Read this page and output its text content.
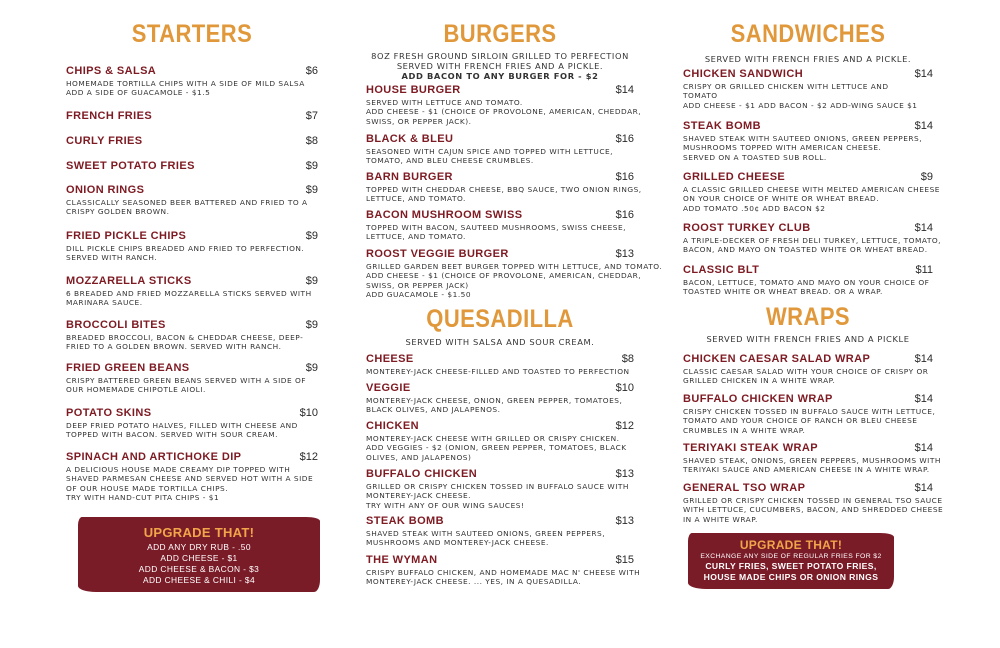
STARTERS
CHIPS & SALSA	$6
HOMEMADE TORTILLA CHIPS WITH A SIDE OF MILD SALSA
ADD A SIDE OF GUACAMOLE - $1.5
FRENCH FRIES	$7
CURLY FRIES	$8
SWEET POTATO FRIES	$9
ONION RINGS	$9
CLASSICALLY SEASONED BEER BATTERED AND FRIED TO A
CRISPY GOLDEN BROWN.
FRIED PICKLE CHIPS	$9
DILL PICKLE CHIPS BREADED AND FRIED TO PERFECTION.
SERVED WITH RANCH.
MOZZARELLA STICKS	$9
6 BREADED AND FRIED MOZZARELLA STICKS SERVED WITH
MARINARA SAUCE.
BROCCOLI BITES	$9
BREADED BROCCOLI, BACON & CHEDDAR CHEESE, DEEP-
FRIED TO A GOLDEN BROWN. SERVED WITH RANCH.
FRIED GREEN BEANS	$9
CRISPY BATTERED GREEN BEANS SERVED WITH A SIDE OF
OUR HOMEMADE CHIPOTLE AIOLI.
POTATO SKINS	$10
DEEP FRIED POTATO HALVES, FILLED WITH CHEESE AND
TOPPED WITH BACON. SERVED WITH SOUR CREAM.
SPINACH AND ARTICHOKE DIP	$12
A DELICIOUS HOUSE MADE CREAMY DIP TOPPED WITH
SHAVED PARMESAN CHEESE AND SERVED HOT WITH A SIDE
OF OUR HOUSE MADE TORTILLA CHIPS.
TRY WITH HAND-CUT PITA CHIPS - $1
UPGRADE THAT!
ADD ANY DRY RUB - .50
ADD CHEESE - $1
ADD CHEESE & BACON - $3
ADD CHEESE & CHILI - $4
BURGERS
8OZ FRESH GROUND SIRLOIN GRILLED TO PERFECTION
SERVED WITH FRENCH FRIES AND A PICKLE.
ADD BACON TO ANY BURGER FOR - $2
HOUSE BURGER	$14
SERVED WITH LETTUCE AND TOMATO.
ADD CHEESE - $1 (CHOICE OF PROVOLONE, AMERICAN, CHEDDAR,
SWISS, OR PEPPER JACK).
BLACK & BLEU	$16
SEASONED WITH CAJUN SPICE AND TOPPED WITH LETTUCE,
TOMATO, AND BLEU CHEESE CRUMBLES.
BARN BURGER	$16
TOPPED WITH CHEDDAR CHEESE, BBQ SAUCE, TWO ONION RINGS,
LETTUCE, AND TOMATO.
BACON MUSHROOM SWISS	$16
TOPPED WITH BACON, SAUTEED MUSHROOMS, SWISS CHEESE,
LETTUCE, AND TOMATO.
ROOST VEGGIE BURGER	$13
GRILLED GARDEN BEET BURGER TOPPED WITH LETTUCE, AND TOMATO.
ADD CHEESE - $1 (CHOICE OF PROVOLONE, AMERICAN, CHEDDAR,
SWISS, OR PEPPER JACK)
ADD GUACAMOLE - $1.50
QUESADILLA
SERVED WITH SALSA AND SOUR CREAM.
CHEESE	$8
MONTEREY-JACK CHEESE-FILLED AND TOASTED TO PERFECTION
VEGGIE	$10
MONTEREY-JACK CHEESE, ONION, GREEN PEPPER, TOMATOES,
BLACK OLIVES, AND JALAPENOS.
CHICKEN	$12
MONTEREY-JACK CHEESE WITH GRILLED OR CRISPY CHICKEN.
ADD VEGGIES - $2 (ONION, GREEN PEPPER, TOMATOES, BLACK
OLIVES, AND JALAPENOS)
BUFFALO CHICKEN	$13
GRILLED OR CRISPY CHICKEN TOSSED IN BUFFALO SAUCE WITH
MONTEREY-JACK CHEESE.
TRY WITH ANY OF OUR WING SAUCES!
STEAK BOMB	$13
SHAVED STEAK WITH SAUTEED ONIONS, GREEN PEPPERS,
MUSHROOMS AND MONTEREY-JACK CHEESE.
THE WYMAN	$15
CRISPY BUFFALO CHICKEN, AND HOMEMADE MAC N' CHEESE WITH
MONTEREY-JACK CHEESE. ... YES, IN A QUESADILLA.
SANDWICHES
SERVED WITH FRENCH FRIES AND A PICKLE.
CHICKEN SANDWICH	$14
CRISPY OR GRILLED CHICKEN WITH LETTUCE AND
TOMATO
ADD CHEESE - $1 ADD BACON - $2 ADD-WING SAUCE $1
STEAK BOMB	$14
SHAVED STEAK WITH SAUTEED ONIONS, GREEN PEPPERS,
MUSHROOMS TOPPED WITH AMERICAN CHEESE.
SERVED ON A TOASTED SUB ROLL.
GRILLED CHEESE	$9
A CLASSIC GRILLED CHEESE WITH MELTED AMERICAN CHEESE
ON YOUR CHOICE OF WHITE OR WHEAT BREAD.
ADD TOMATO .50¢ ADD BACON $2
ROOST TURKEY CLUB	$14
A TRIPLE-DECKER OF FRESH DELI TURKEY, LETTUCE, TOMATO,
BACON, AND MAYO ON TOASTED WHITE OR WHEAT BREAD.
CLASSIC BLT	$11
BACON, LETTUCE, TOMATO AND MAYO ON YOUR CHOICE OF
TOASTED WHITE OR WHEAT BREAD. OR A WRAP.
WRAPS
SERVED WITH FRENCH FRIES AND A PICKLE
CHICKEN CAESAR SALAD WRAP	$14
CLASSIC CAESAR SALAD WITH YOUR CHOICE OF CRISPY OR
GRILLED CHICKEN IN A WHITE WRAP.
BUFFALO CHICKEN WRAP	$14
CRISPY CHICKEN TOSSED IN BUFFALO SAUCE WITH LETTUCE,
TOMATO AND YOUR CHOICE OF RANCH OR BLEU CHEESE
CRUMBLES IN A WHITE WRAP.
TERIYAKI STEAK WRAP	$14
SHAVED STEAK, ONIONS, GREEN PEPPERS, MUSHROOMS WITH
TERIYAKI SAUCE AND AMERICAN CHEESE IN A WHITE WRAP.
GENERAL TSO WRAP	$14
GRILLED OR CRISPY CHICKEN TOSSED IN GENERAL TSO SAUCE
WITH LETTUCE, CUCUMBERS, BACON, AND SHREDDED CHEESE
IN A WHITE WRAP.
UPGRADE THAT!
EXCHANGE ANY SIDE OF REGULAR FRIES FOR $2
CURLY FRIES, SWEET POTATO FRIES,
HOUSE MADE CHIPS OR ONION RINGS
